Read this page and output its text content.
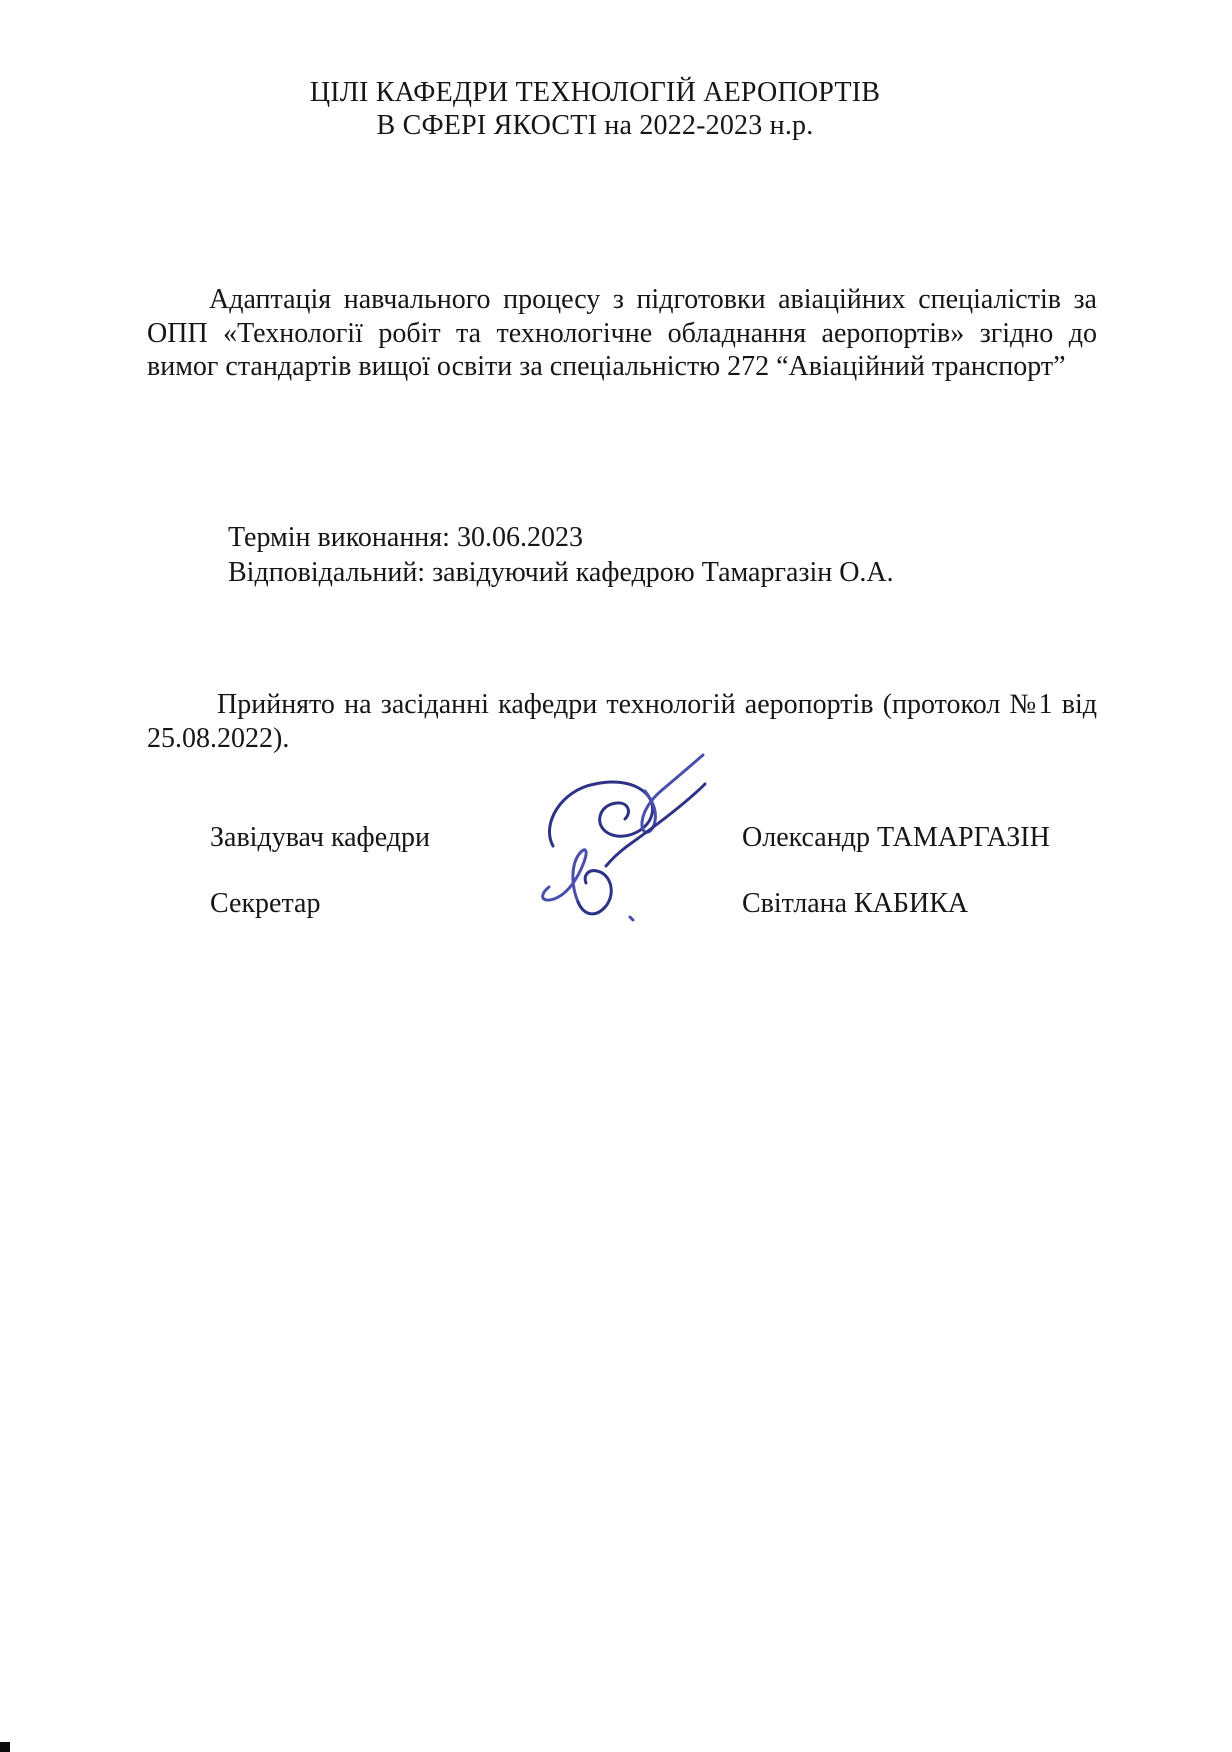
ЦІЛІ КАФЕДРИ ТЕХНОЛОГІЙ АЕРОПОРТІВ
В СФЕРІ ЯКОСТІ на 2022-2023 н.р.
Адаптація навчального процесу з підготовки авіаційних спеціалістів за
ОПП «Технології робіт та технологічне обладнання аеропортів» згідно до
вимог стандартів вищої освіти за спеціальністю 272 “Авіаційний транспорт”
Термін виконання: 30.06.2023
Відповідальний: завідуючий кафедрою Тамаргазін О.А.
Прийнято на засіданні кафедри технологій аеропортів (протокол №1 від
25.08.2022).
Завідувач кафедри	Олександр ТАМАРГАЗІН
Секретар	Світлана КАБИКА
